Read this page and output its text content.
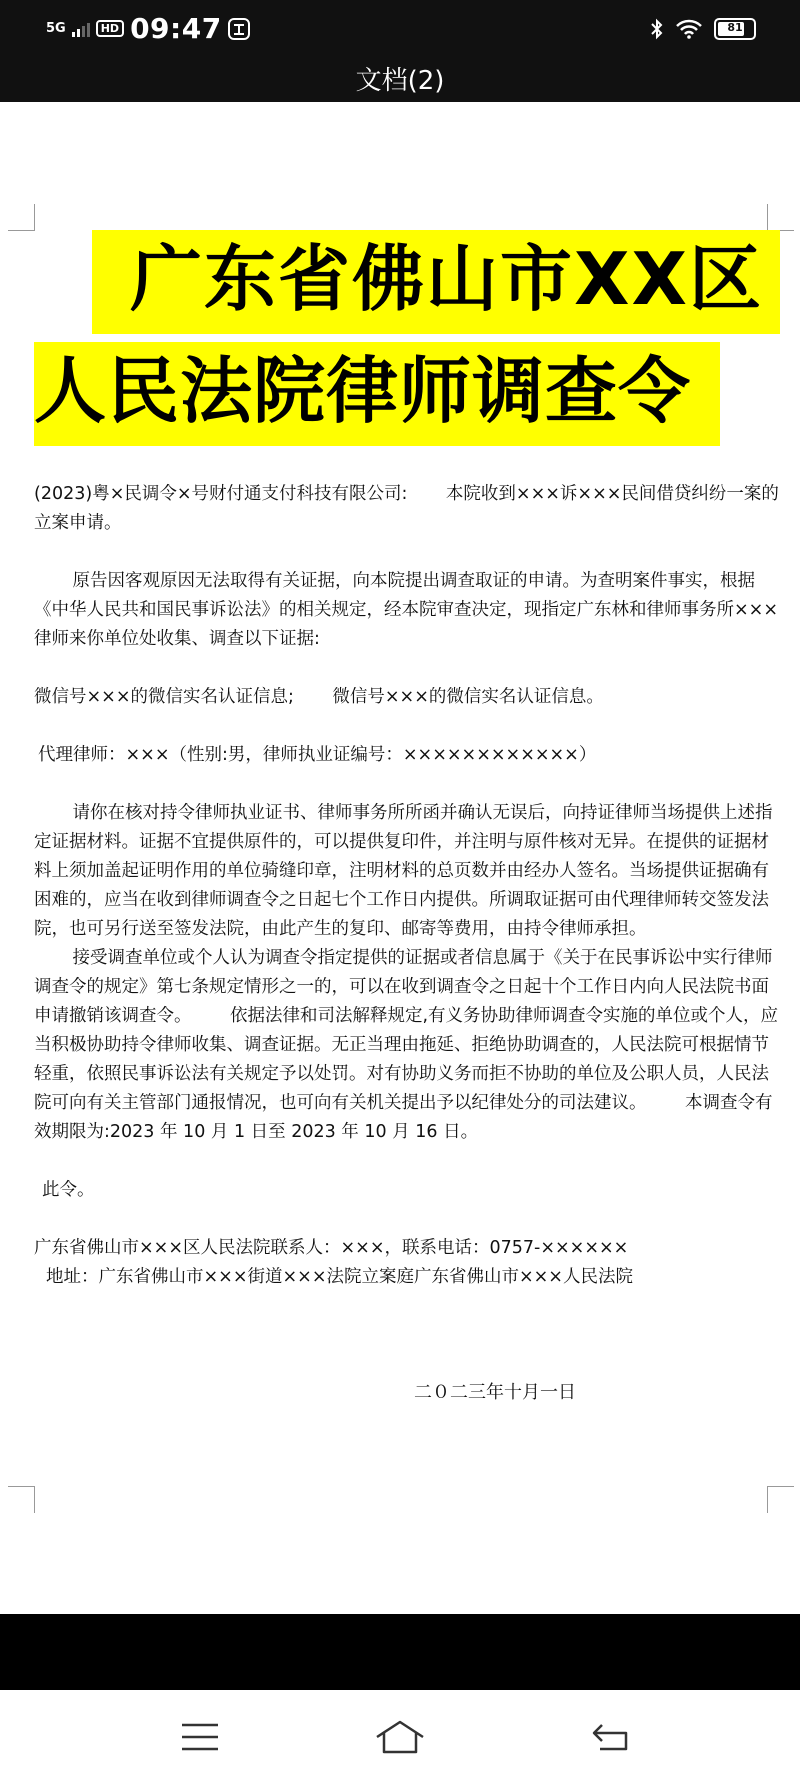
5G	HD 09:47	81
文档(2)
广东省佛山市XX区
人民法院律师调查令

(2023)粤×民调令×号财付通支付科技有限公司: 本院收到×××诉×××民间借贷纠纷一案的立案申请。

原告因客观原因无法取得有关证据，向本院提出调查取证的申请。为查明案件事实，根据《中华人民共和国民事诉讼法》的相关规定，经本院审查决定，现指定广东林和律师事务所×××律师来你单位处收集、调查以下证据:

微信号×××的微信实名认证信息; 微信号×××的微信实名认证信息。

代理律师：×××（性别:男，律师执业证编号：××××××××××××）

请你在核对持令律师执业证书、律师事务所所函并确认无误后，向持证律师当场提供上述指定证据材料。证据不宜提供原件的，可以提供复印件，并注明与原件核对无异。在提供的证据材料上须加盖起证明作用的单位骑缝印章，注明材料的总页数并由经办人签名。当场提供证据确有困难的，应当在收到律师调查令之日起七个工作日内提供。所调取证据可由代理律师转交签发法院，也可另行送至签发法院，由此产生的复印、邮寄等费用，由持令律师承担。

接受调查单位或个人认为调查令指定提供的证据或者信息属于《关于在民事诉讼中实行律师调查令的规定》第七条规定情形之一的，可以在收到调查令之日起十个工作日内向人民法院书面申请撤销该调查令。 依据法律和司法解释规定,有义务协助律师调查令实施的单位或个人，应当积极协助持令律师收集、调查证据。无正当理由拖延、拒绝协助调查的，人民法院可根据情节轻重，依照民事诉讼法有关规定予以处罚。对有协助义务而拒不协助的单位及公职人员，人民法院可向有关主管部门通报情况，也可向有关机关提出予以纪律处分的司法建议。 本调查令有效期限为:2023 年 10 月 1 日至 2023 年 10 月 16 日。

此令。

广东省佛山市×××区人民法院联系人：×××，联系电话：0757-××××××

地址：广东省佛山市×××街道×××法院立案庭广东省佛山市×××人民法院

二０二三年十月一日
